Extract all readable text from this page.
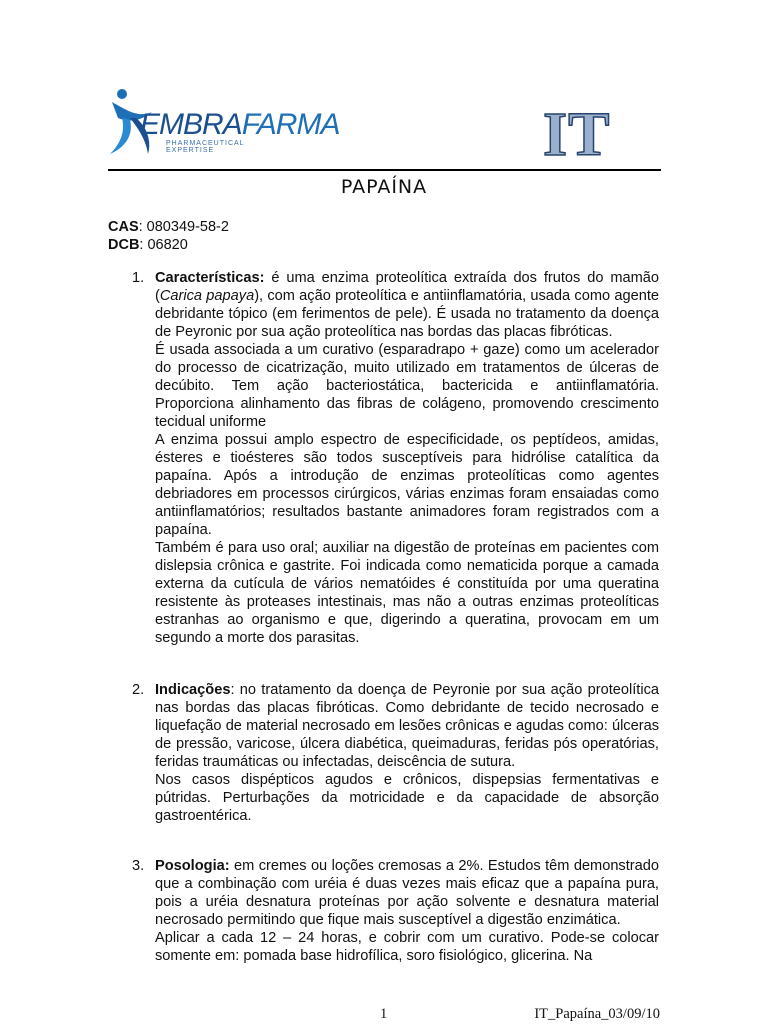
EMBRAFARMA
PHARMACEUTICAL EXPERTISE	IT
PAPAÍNA
CAS: 080349-58-2
DCB: 06820
1. Características: é uma enzima proteolítica extraída dos frutos do mamão (Carica papaya), com ação proteolítica e antiinflamatória, usada como agente debridante tópico (em ferimentos de pele). É usada no tratamento da doença de Peyronic por sua ação proteolítica nas bordas das placas fibróticas.

É usada associada a um curativo (esparadrapo + gaze) como um acelerador do processo de cicatrização, muito utilizado em tratamentos de úlceras de decúbito. Tem ação bacteriostática, bactericida e antiinflamatória. Proporciona alinhamento das fibras de colágeno, promovendo crescimento tecidual uniforme

A enzima possui amplo espectro de especificidade, os peptídeos, amidas, ésteres e tioésteres são todos susceptíveis para hidrólise catalítica da papaína. Após a introdução de enzimas proteolíticas como agentes debriadores em processos cirúrgicos, várias enzimas foram ensaiadas como antiinflamatórios; resultados bastante animadores foram registrados com a papaína.

Também é para uso oral; auxiliar na digestão de proteínas em pacientes com dislepsia crônica e gastrite. Foi indicada como nematicida porque a camada externa da cutícula de vários nematóides é constituída por uma queratina resistente às proteases intestinais, mas não a outras enzimas proteolíticas estranhas ao organismo e que, digerindo a queratina, provocam em um segundo a morte dos parasitas.

2. Indicações: no tratamento da doença de Peyronie por sua ação proteolítica nas bordas das placas fibróticas. Como debridante de tecido necrosado e liquefação de material necrosado em lesões crônicas e agudas como: úlceras de pressão, varicose, úlcera diabética, queimaduras, feridas pós operatórias, feridas traumáticas ou infectadas, deiscência de sutura.

Nos casos dispépticos agudos e crônicos, dispepsias fermentativas e pútridas. Perturbações da motricidade e da capacidade de absorção gastroentérica.

3. Posologia: em cremes ou loções cremosas a 2%. Estudos têm demonstrado que a combinação com uréia é duas vezes mais eficaz que a papaína pura, pois a uréia desnatura proteínas por ação solvente e desnatura material necrosado permitindo que fique mais susceptível a digestão enzimática.

Aplicar a cada 12 – 24 horas, e cobrir com um curativo. Pode-se colocar somente em: pomada base hidrofílica, soro fisiológico, glicerina. Na

1	IT_Papaína_03/09/10
